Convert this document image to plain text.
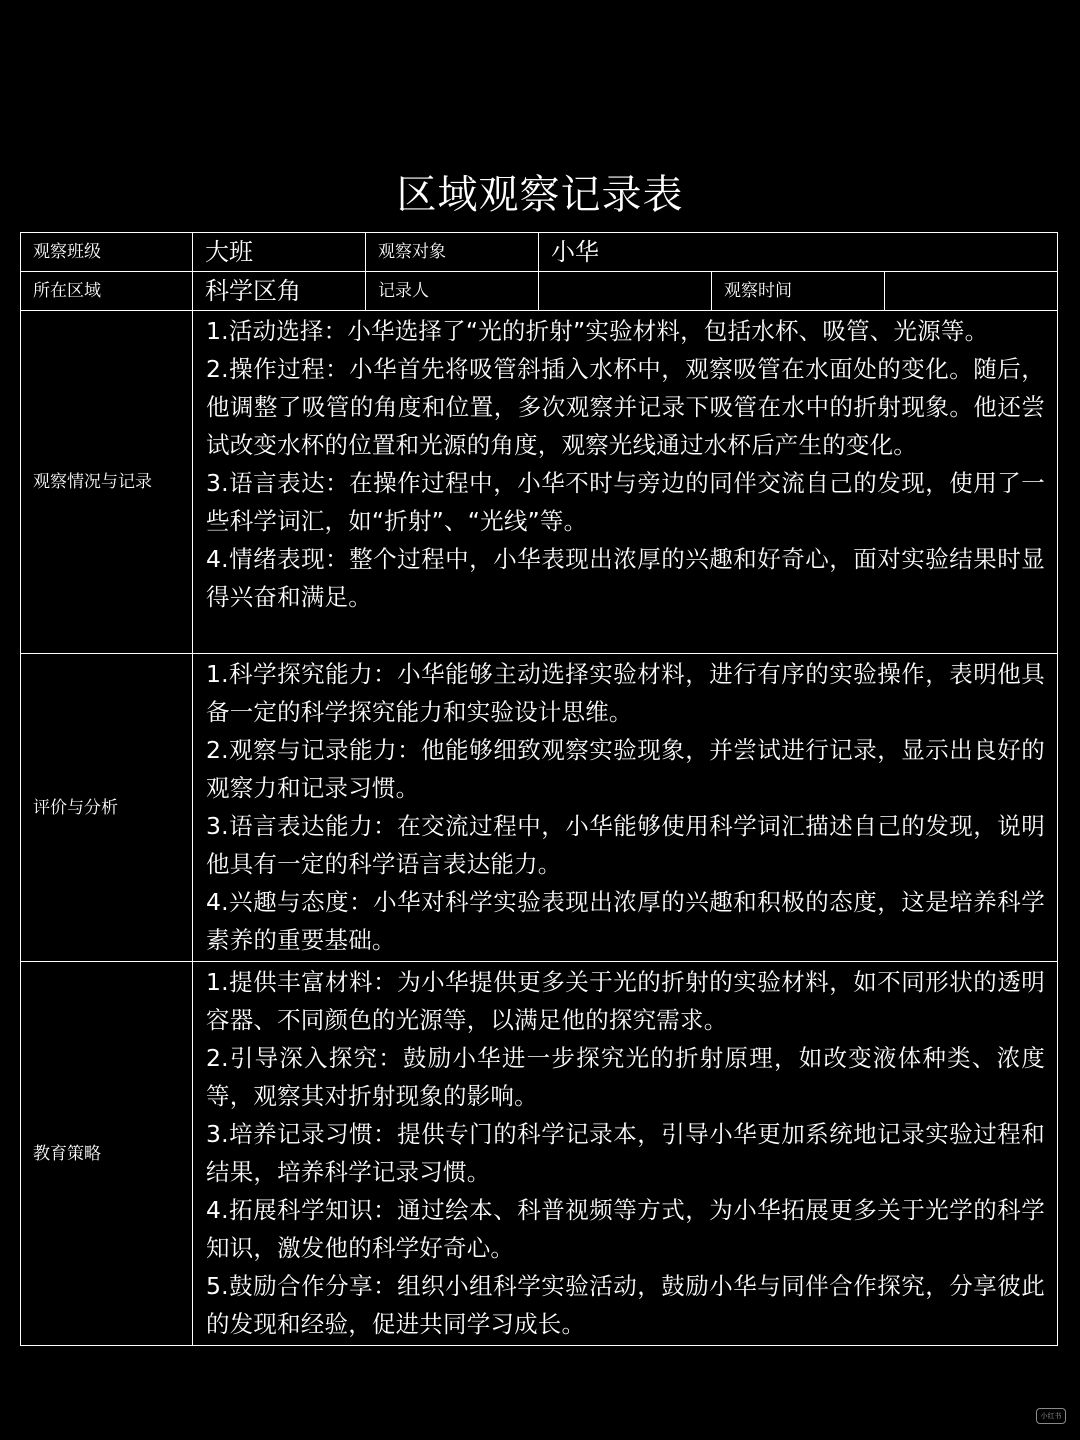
区域观察记录表
观察班级	大班	观察对象	小华		
所在区域	科学区角	记录人		观察时间	
观察情况与记录	1.活动选择：小华选择了“光的折射”实验材料，包括水杯、吸管、光源等。

2.操作过程：小华首先将吸管斜插入水杯中，观察吸管在水面处的变化。随后，他调整了吸管的角度和位置，多次观察并记录下吸管在水中的折射现象。他还尝试改变水杯的位置和光源的角度，观察光线通过水杯后产生的变化。

3.语言表达：在操作过程中，小华不时与旁边的同伴交流自己的发现，使用了一些科学词汇，如“折射”、“光线”等。

4.情绪表现：整个过程中，小华表现出浓厚的兴趣和好奇心，面对实验结果时显得兴奋和满足。				

评价与分析	1.科学探究能力：小华能够主动选择实验材料，进行有序的实验操作，表明他具备一定的科学探究能力和实验设计思维。

2.观察与记录能力：他能够细致观察实验现象，并尝试进行记录，显示出良好的观察力和记录习惯。

3.语言表达能力：在交流过程中，小华能够使用科学词汇描述自己的发现，说明他具有一定的科学语言表达能力。

4.兴趣与态度：小华对科学实验表现出浓厚的兴趣和积极的态度，这是培养科学素养的重要基础。				

教育策略	1.提供丰富材料：为小华提供更多关于光的折射的实验材料，如不同形状的透明容器、不同颜色的光源等，以满足他的探究需求。

2.引导深入探究：鼓励小华进一步探究光的折射原理，如改变液体种类、浓度等，观察其对折射现象的影响。

3.培养记录习惯：提供专门的科学记录本，引导小华更加系统地记录实验过程和结果，培养科学记录习惯。

4.拓展科学知识：通过绘本、科普视频等方式，为小华拓展更多关于光学的科学知识，激发他的科学好奇心。

5.鼓励合作分享：组织小组科学实验活动，鼓励小华与同伴合作探究，分享彼此的发现和经验，促进共同学习成长。				

小红书
